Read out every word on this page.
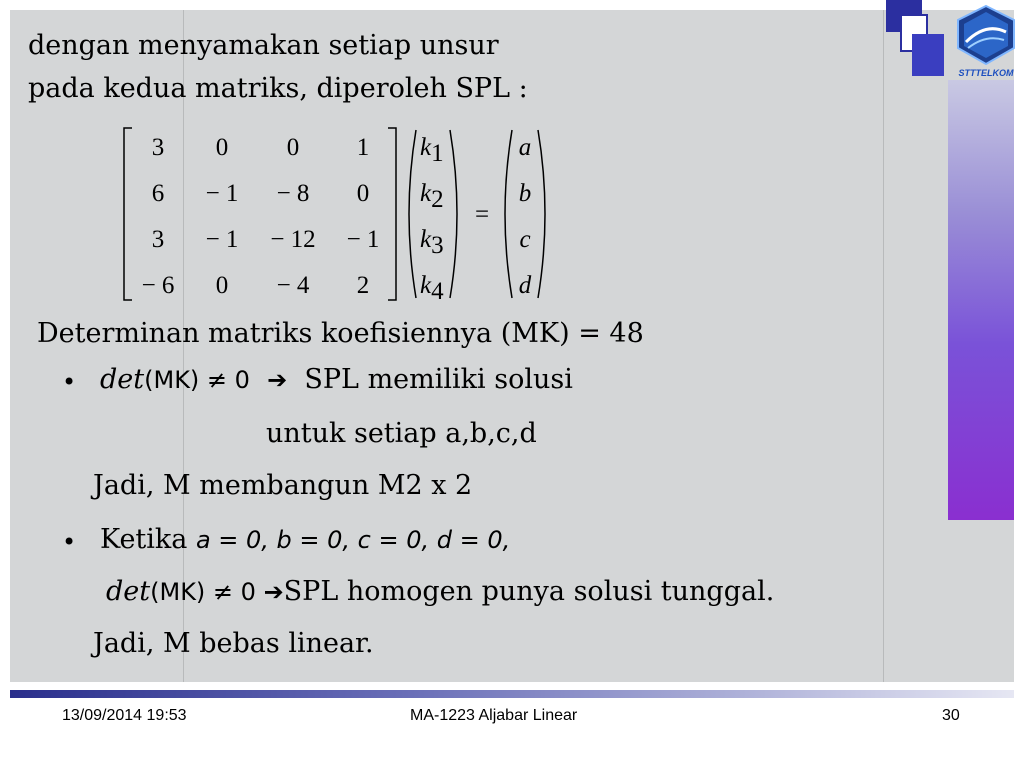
STTTELKOM
dengan menyamakan setiap unsur
pada kedua matriks, diperoleh SPL :
3 0 0 1
6 − 1 − 8 0
3 − 1 − 12 − 1
− 6 0 − 4 2
k1
k2
k3
k4
=
a
b
c
d
Determinan matriks koefisiennya (MK) = 48
• det(MK) ≠ 0 ➔ SPL memiliki solusi
untuk setiap a,b,c,d
Jadi, M membangun M2 x 2
• Ketika a = 0, b = 0, c = 0, d = 0,
det(MK) ≠ 0 ➔SPL homogen punya solusi tunggal.
Jadi, M bebas linear.
13/09/2014 19:53	MA-1223 Aljabar Linear	30
